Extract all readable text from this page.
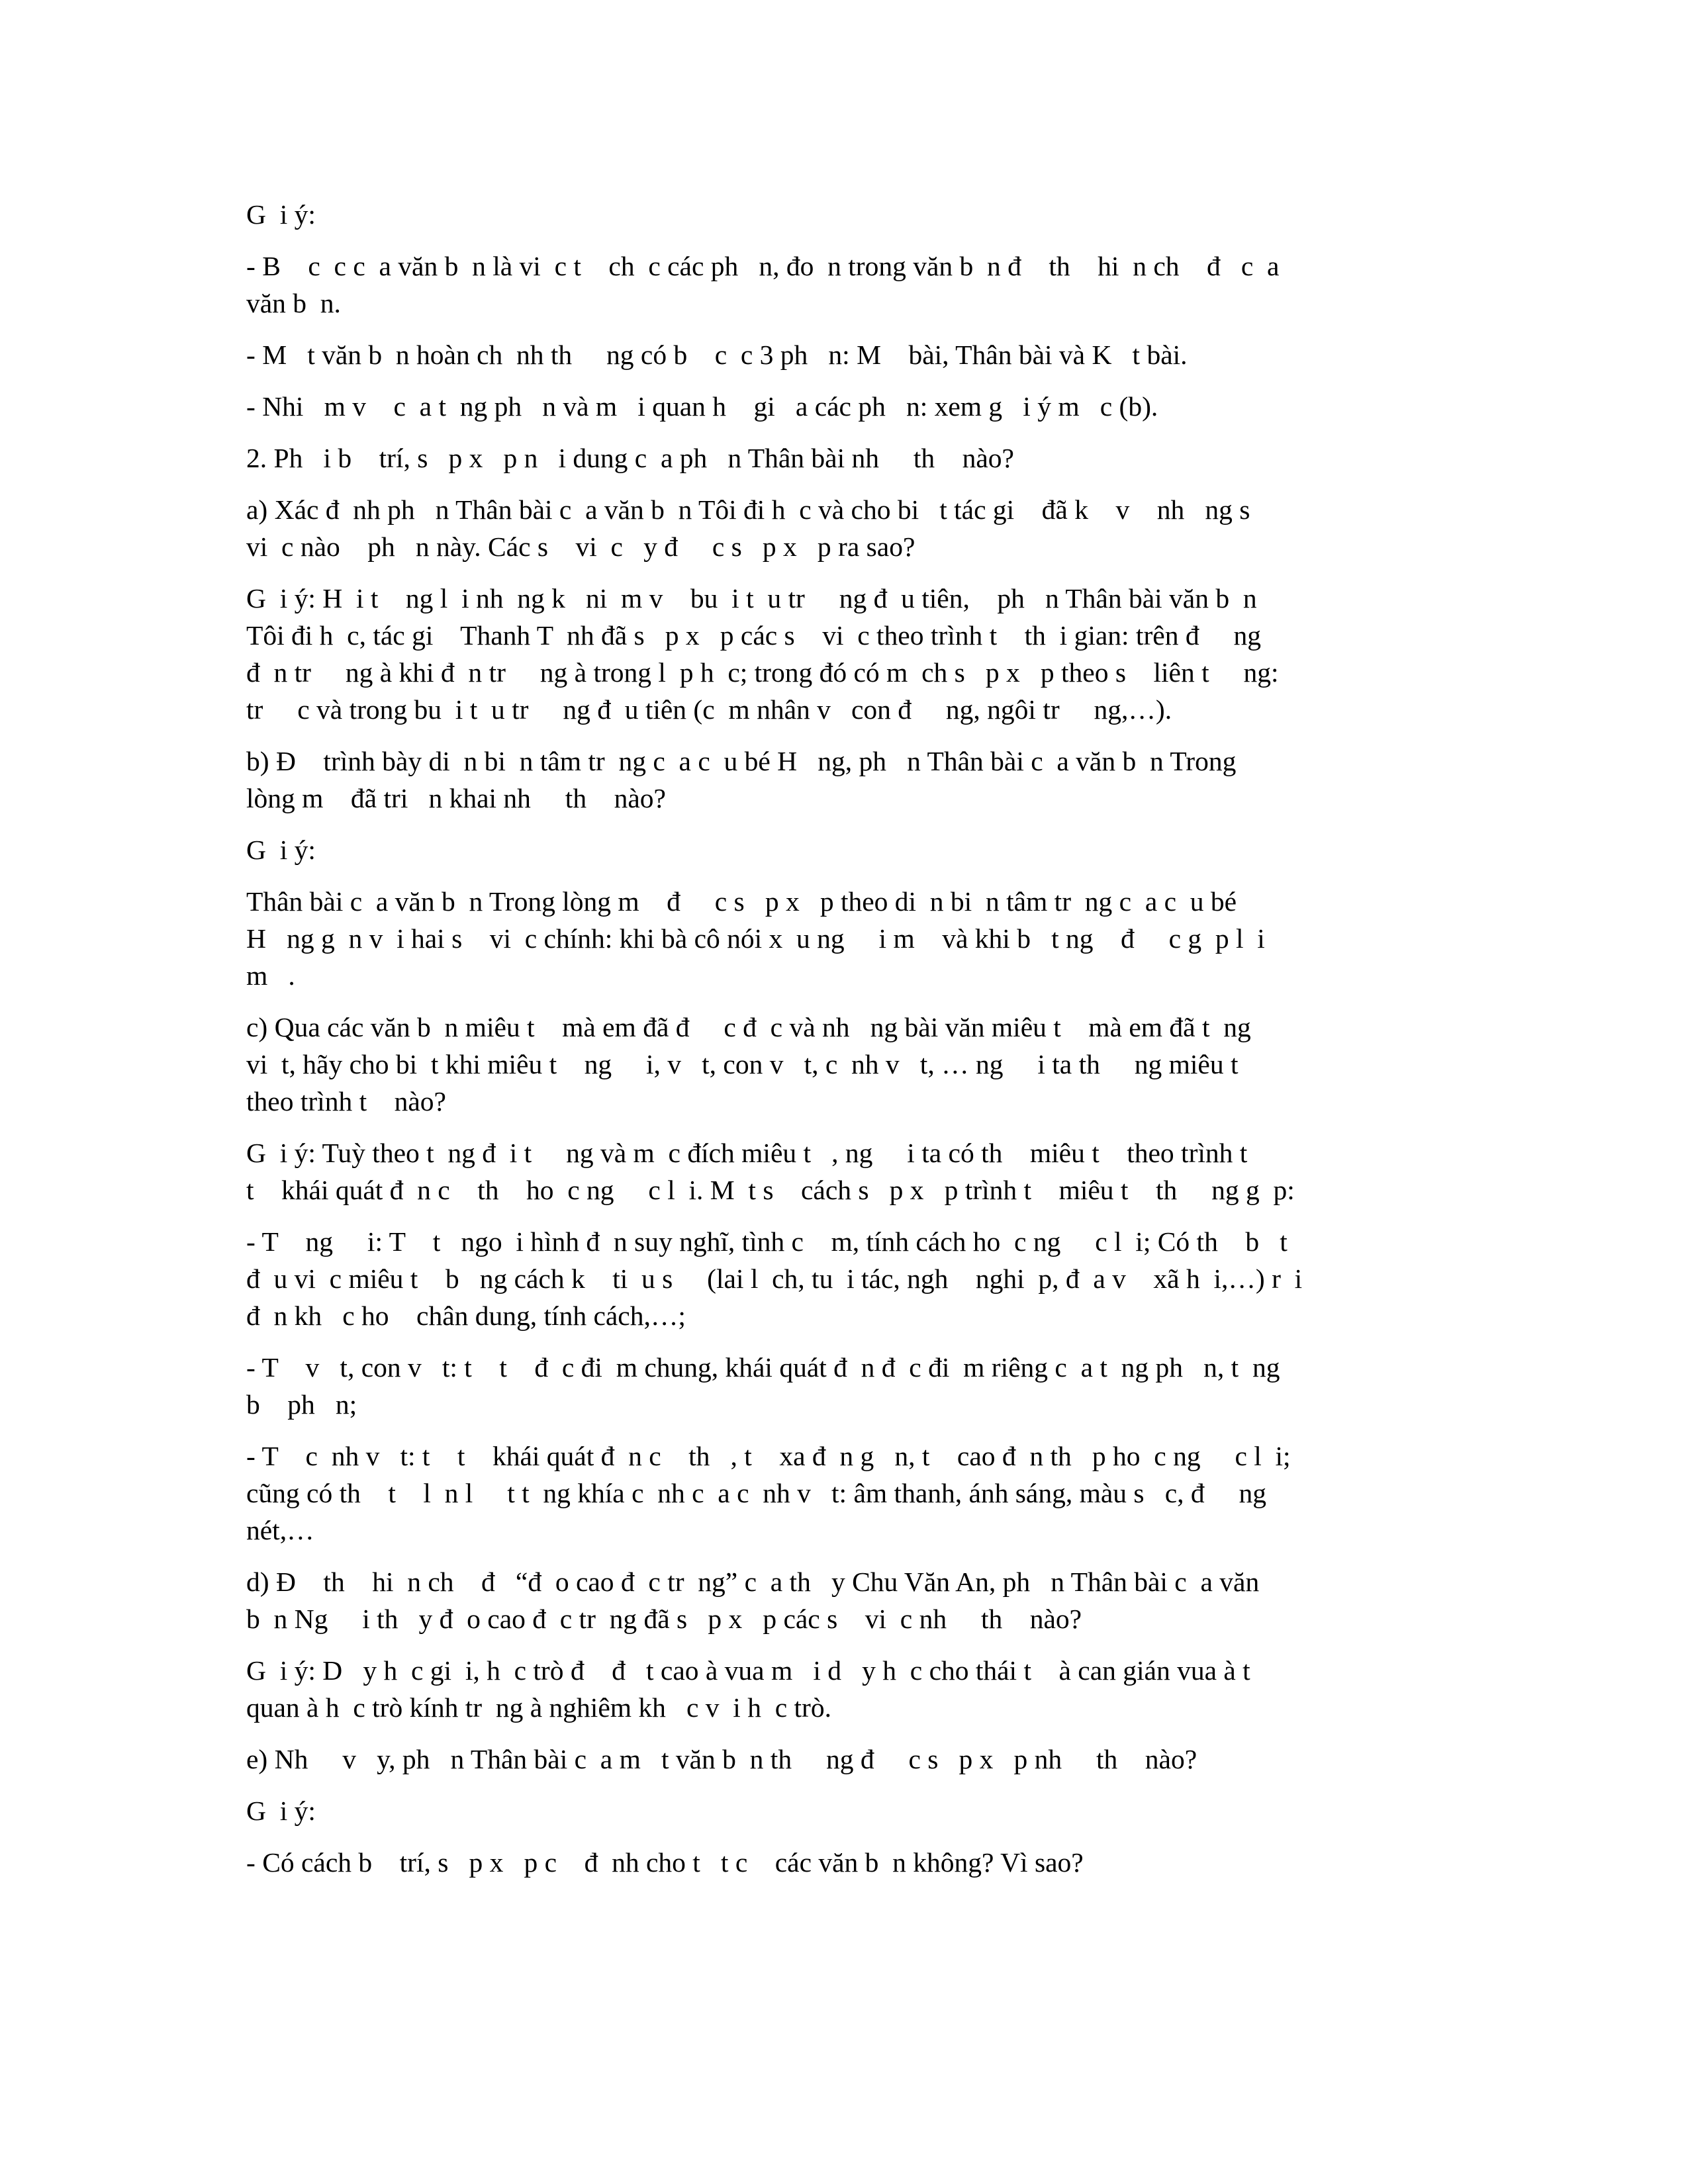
G  i ý:
- B    c  c c  a văn b  n là vi  c t    ch  c các ph   n, đo  n trong văn b  n đ    th    hi  n ch    đ   c  a
văn b  n.
- M   t văn b  n hoàn ch  nh th     ng có b    c  c 3 ph   n: M    bài, Thân bài và K   t bài.
- Nhi   m v    c  a t  ng ph   n và m   i quan h    gi   a các ph   n: xem g   i ý m   c (b).
2. Ph   i b    trí, s   p x   p n   i dung c  a ph   n Thân bài nh     th    nào?
a) Xác đ  nh ph   n Thân bài c  a văn b  n Tôi đi h  c và cho bi   t tác gi    đã k    v    nh   ng s
vi  c nào    ph   n này. Các s    vi  c   y đ     c s   p x   p ra sao?
G  i ý: H  i t    ng l  i nh  ng k   ni  m v    bu  i t  u tr     ng đ  u tiên,    ph   n Thân bài văn b  n
Tôi đi h  c, tác gi    Thanh T  nh đã s   p x   p các s    vi  c theo trình t    th  i gian: trên đ     ng
đ  n tr     ng à khi đ  n tr     ng à trong l  p h  c; trong đó có m  ch s   p x   p theo s    liên t     ng:
tr     c và trong bu  i t  u tr     ng đ  u tiên (c  m nhân v   con đ     ng, ngôi tr     ng,…).
b) Đ    trình bày di  n bi  n tâm tr  ng c  a c  u bé H   ng, ph   n Thân bài c  a văn b  n Trong
lòng m    đã tri   n khai nh     th    nào?
G  i ý:
Thân bài c  a văn b  n Trong lòng m    đ     c s   p x   p theo di  n bi  n tâm tr  ng c  a c  u bé
H   ng g  n v  i hai s    vi  c chính: khi bà cô nói x  u ng     i m    và khi b   t ng    đ     c g  p l  i
m   .
c) Qua các văn b  n miêu t    mà em đã đ     c đ  c và nh   ng bài văn miêu t    mà em đã t  ng
vi  t, hãy cho bi  t khi miêu t    ng     i, v   t, con v   t, c  nh v   t, … ng     i ta th     ng miêu t
theo trình t    nào?
G  i ý: Tuỳ theo t  ng đ  i t     ng và m  c đích miêu t   , ng     i ta có th    miêu t    theo trình t
t    khái quát đ  n c    th    ho  c ng     c l  i. M  t s    cách s   p x   p trình t    miêu t    th     ng g  p:
- T    ng     i: T    t   ngo  i hình đ  n suy nghĩ, tình c    m, tính cách ho  c ng     c l  i; Có th    b   t
đ  u vi  c miêu t    b   ng cách k    ti  u s     (lai l  ch, tu  i tác, ngh    nghi  p, đ  a v    xã h  i,…) r  i
đ  n kh   c ho    chân dung, tính cách,…;
- T    v   t, con v   t: t    t    đ  c đi  m chung, khái quát đ  n đ  c đi  m riêng c  a t  ng ph   n, t  ng
b    ph   n;
- T    c  nh v   t: t    t    khái quát đ  n c    th   , t    xa đ  n g   n, t    cao đ  n th   p ho  c ng     c l  i;
cũng có th    t    l  n l     t t  ng khía c  nh c  a c  nh v   t: âm thanh, ánh sáng, màu s   c, đ     ng
nét,…
d) Đ    th    hi  n ch    đ   “đ  o cao đ  c tr  ng” c  a th   y Chu Văn An, ph   n Thân bài c  a văn
b  n Ng     i th   y đ  o cao đ  c tr  ng đã s   p x   p các s    vi  c nh     th    nào?
G  i ý: D   y h  c gi  i, h  c trò đ    đ   t cao à vua m   i d   y h  c cho thái t    à can gián vua à t
quan à h  c trò kính tr  ng à nghiêm kh   c v  i h  c trò.
e) Nh     v   y, ph   n Thân bài c  a m   t văn b  n th     ng đ     c s   p x   p nh     th    nào?
G  i ý:
- Có cách b    trí, s   p x   p c    đ  nh cho t   t c    các văn b  n không? Vì sao?
